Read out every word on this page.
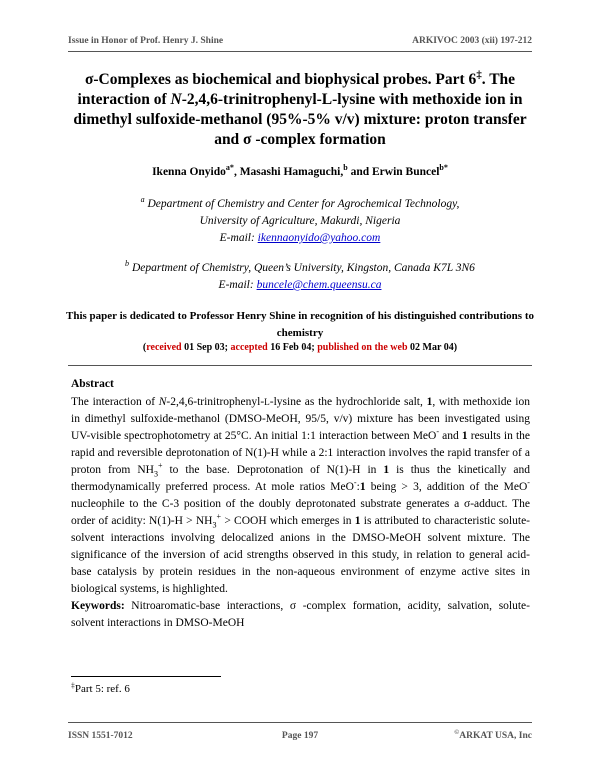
Issue in Honor of Prof. Henry J. Shine	ARKIVOC 2003 (xii) 197-212
σ-Complexes as biochemical and biophysical probes. Part 6‡. The interaction of N-2,4,6-trinitrophenyl-L-lysine with methoxide ion in dimethyl sulfoxide-methanol (95%-5% v/v) mixture: proton transfer and σ -complex formation
Ikenna Onyido$^{a*}$, Masashi Hamaguchi,$^b$ and Erwin Buncel$^{b*}$
$^a$ Department of Chemistry and Center for Agrochemical Technology,
University of Agriculture, Makurdi, Nigeria
E-mail: ikennaonyido@yahoo.com
$^b$ Department of Chemistry, Queen’s University, Kingston, Canada K7L 3N6
E-mail: buncele@chem.queensu.ca
This paper is dedicated to Professor Henry Shine in recognition of his distinguished contributions to chemistry
(received 01 Sep 03; accepted 16 Feb 04; published on the web 02 Mar 04)
Abstract
The interaction of N-2,4,6-trinitrophenyl-L-lysine as the hydrochloride salt, 1, with methoxide ion in dimethyl sulfoxide-methanol (DMSO-MeOH, 95/5, v/v) mixture has been investigated using UV-visible spectrophotometry at 25°C. An initial 1:1 interaction between MeO- and 1 results in the rapid and reversible deprotonation of N(1)-H while a 2:1 interaction involves the rapid transfer of a proton from $NH_3^+$ to the base. Deprotonation of N(1)-H in 1 is thus the kinetically and thermodynamically preferred process. At mole ratios MeO-:1 being > 3, addition of the MeO- nucleophile to the C-3 position of the doubly deprotonated substrate generates a σ-adduct. The order of acidity: $N(1)-H > NH_3^+$ > COOH which emerges in 1 is attributed to characteristic solute-solvent interactions involving delocalized anions in the DMSO-MeOH solvent mixture. The significance of the inversion of acid strengths observed in this study, in relation to general acid-base catalysis by protein residues in the non-aqueous environment of enzyme active sites in biological systems, is highlighted.
Keywords: Nitroaromatic-base interactions, σ -complex formation, acidity, salvation, solute-solvent interactions in DMSO-MeOH
‡Part 5: ref. 6
ISSN 1551-7012	Page 197	©ARKAT USA, Inc
